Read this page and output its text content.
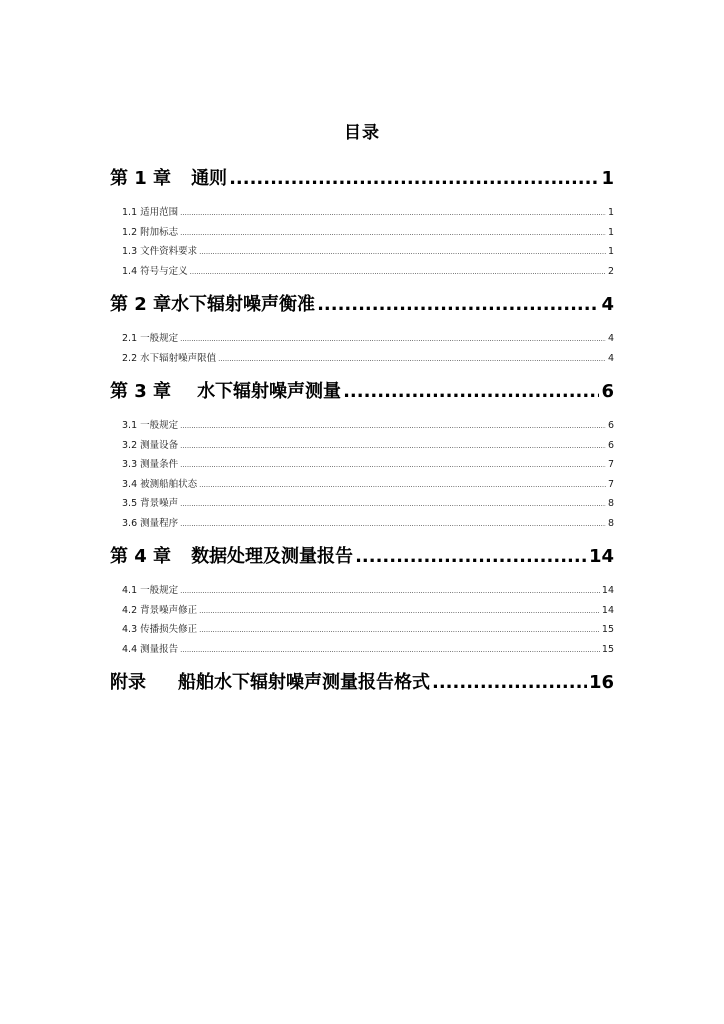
目录
第 1 章 通则 .....	1
1.1 适用范围 .....	1
1.2 附加标志 .....	1
1.3 文件资料要求 .....	1
1.4 符号与定义 .....	2
第 2 章 水下辐射噪声衡准 .....	4
2.1 一般规定 .....	4
2.2 水下辐射噪声限值 .....	4
第 3 章 水下辐射噪声测量 .....	6
3.1 一般规定 .....	6
3.2 测量设备 .....	6
3.3 测量条件 .....	7
3.4 被测船舶状态 .....	7
3.5 背景噪声 .....	8
3.6 测量程序 .....	8
第 4 章 数据处理及测量报告 .....	14
4.1 一般规定 .....	14
4.2 背景噪声修正 .....	14
4.3 传播损失修正 .....	15
4.4 测量报告 .....	15
附录 船舶水下辐射噪声测量报告格式 .....	16
